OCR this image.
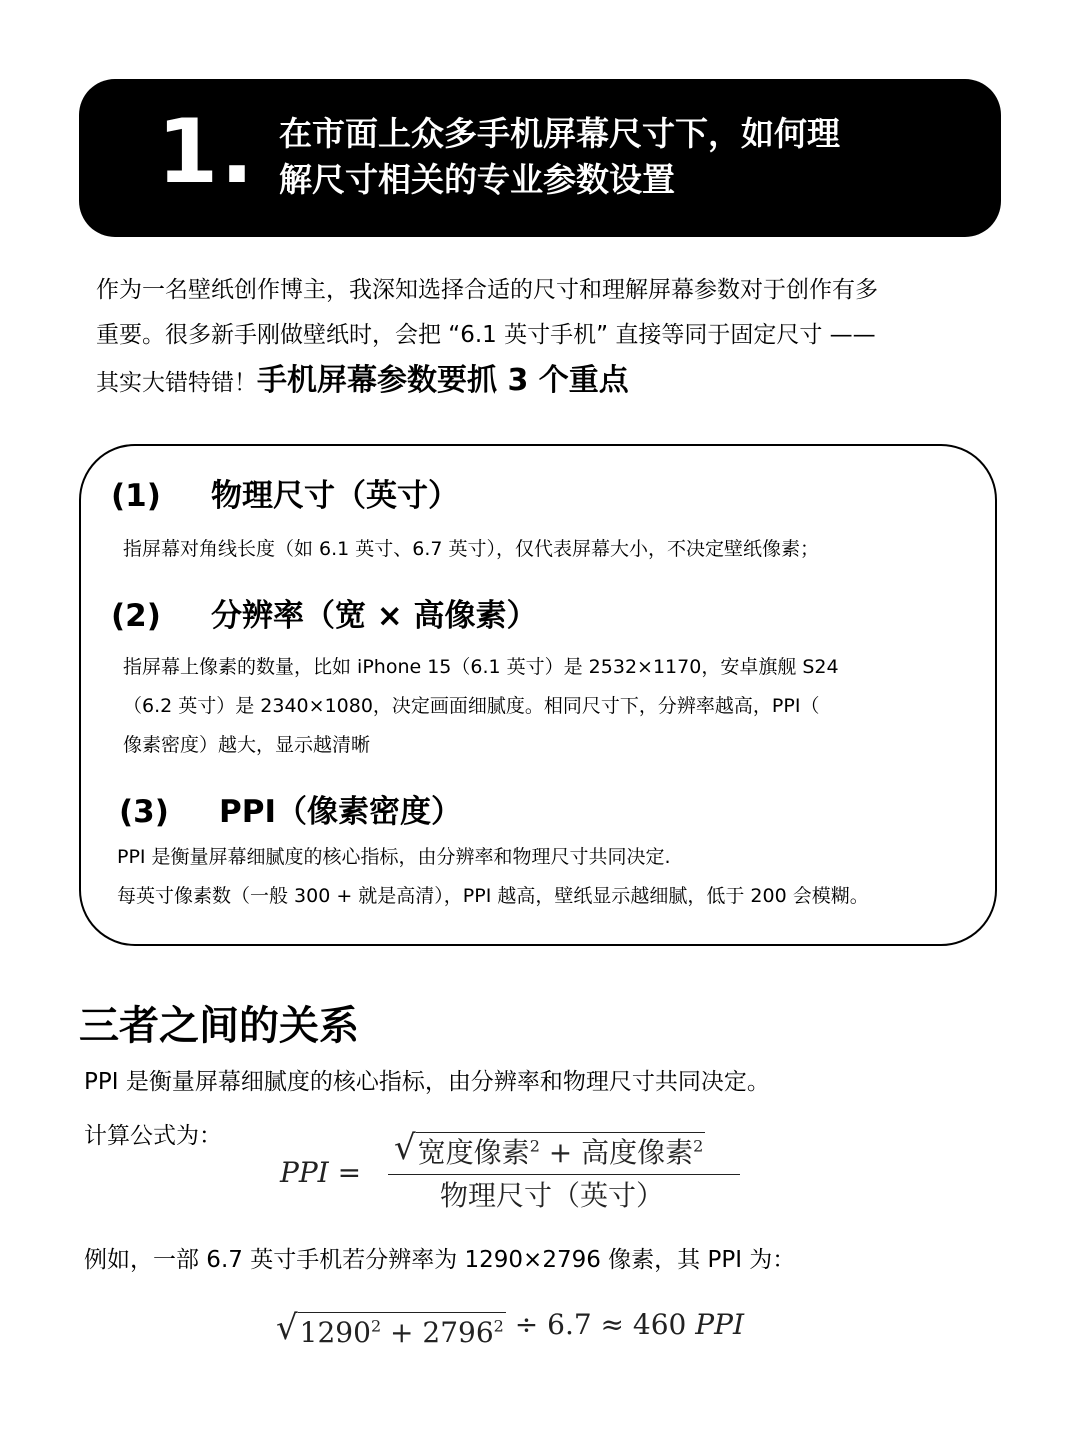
1. 在市面上众多手机屏幕尺寸下，如何理
解尺寸相关的专业参数设置
作为一名壁纸创作博主，我深知选择合适的尺寸和理解屏幕参数对于创作有多
重要。很多新手刚做壁纸时，会把 “6.1 英寸手机” 直接等同于固定尺寸 ——
其实大错特错！手机屏幕参数要抓 3 个重点
(1) 物理尺寸（英寸）
指屏幕对角线长度（如 6.1 英寸、6.7 英寸），仅代表屏幕大小，不决定壁纸像素；
(2) 分辨率（宽 × 高像素）
指屏幕上像素的数量，比如 iPhone 15（6.1 英寸）是 2532×1170，安卓旗舰 S24
（6.2 英寸）是 2340×1080，决定画面细腻度。相同尺寸下，分辨率越高，PPI（
像素密度）越大，显示越清晰
(3) PPI（像素密度）
PPI 是衡量屏幕细腻度的核心指标，由分辨率和物理尺寸共同决定.
每英寸像素数（一般 300 + 就是高清），PPI 越高，壁纸显示越细腻，低于 200 会模糊。
三者之间的关系
PPI 是衡量屏幕细腻度的核心指标，由分辨率和物理尺寸共同决定。
计算公式为：
PPI =
√宽度像素$^2$ + 高度像素$^2$
物理尺寸（英寸）
例如，一部 6.7 英寸手机若分辨率为 1290×2796 像素，其 PPI 为：
$√1290^2 + 2796^2 \div 6.7 \approx 460$ PPI
